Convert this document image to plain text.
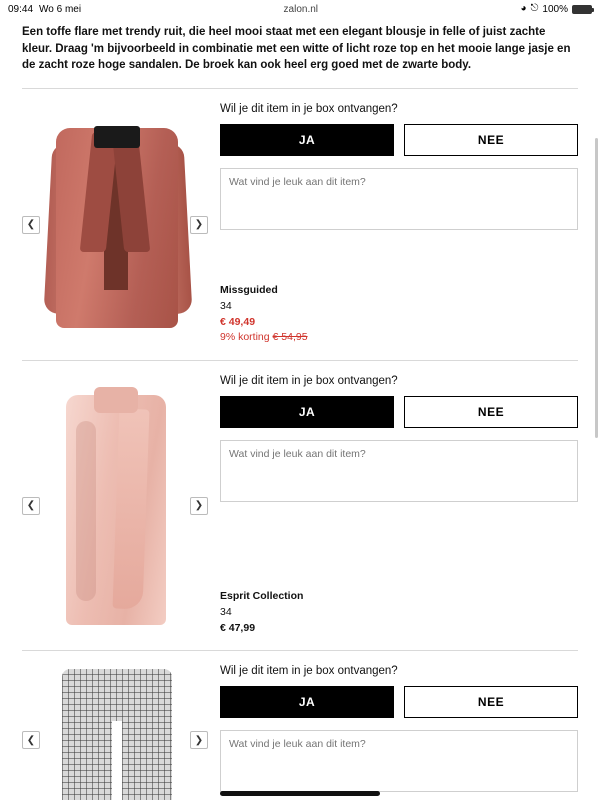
09:44 Wo 6 mei	zalon.nl	◕ ⎋ 100%
Een toffe flare met trendy ruit, die heel mooi staat met een elegant blousje in felle of juist zachte kleur. Draag 'm bijvoorbeeld in combinatie met een witte of licht roze top en het mooie lange jasje en de zacht roze hoge sandalen. De broek kan ook heel erg goed met de zwarte body.
❮	❯
Wil je dit item in je box ontvangen?
JA	NEE
Wat vind je leuk aan dit item?
Missguided
34
€ 49,49
9% korting € 54,95
❮	❯
Wil je dit item in je box ontvangen?
JA	NEE
Wat vind je leuk aan dit item?
Esprit Collection
34
€ 47,99
❮	❯
Wil je dit item in je box ontvangen?
JA	NEE
Wat vind je leuk aan dit item?
